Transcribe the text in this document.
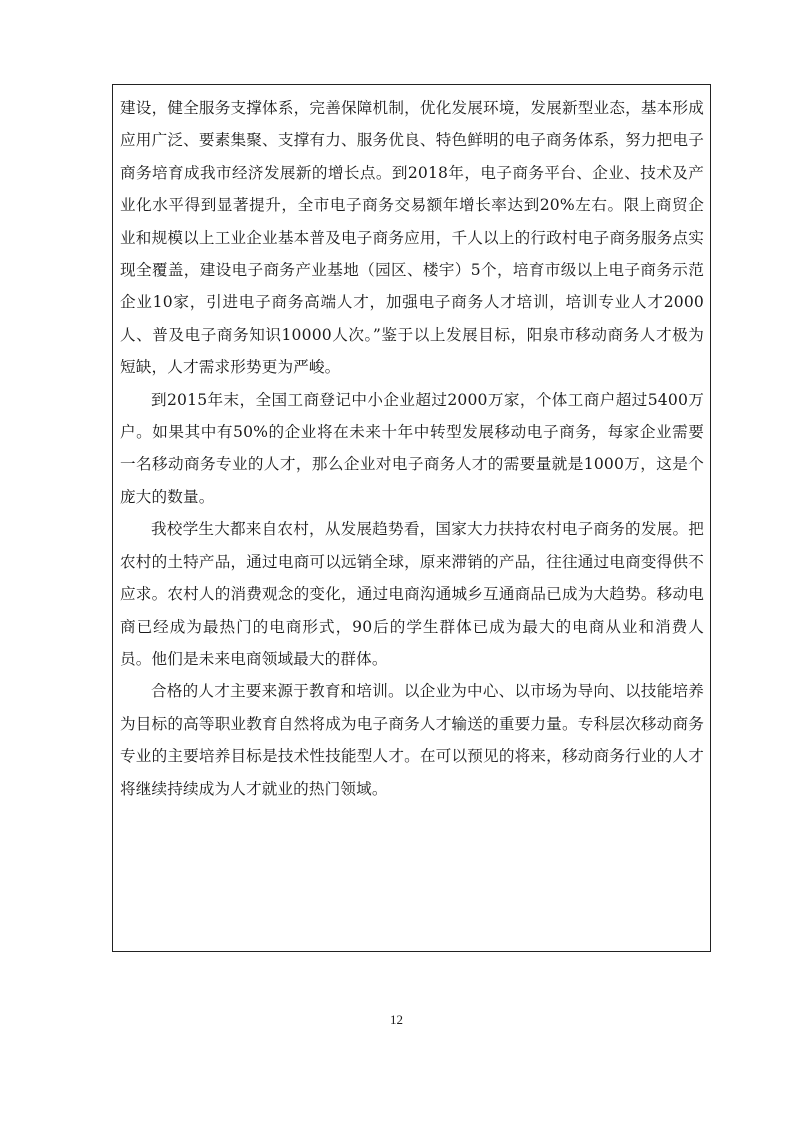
建设，健全服务支撑体系，完善保障机制，优化发展环境，发展新型业态，基本形成应用广泛、要素集聚、支撑有力、服务优良、特色鲜明的电子商务体系，努力把电子商务培育成我市经济发展新的增长点。到2018年，电子商务平台、企业、技术及产业化水平得到显著提升，全市电子商务交易额年增长率达到20%左右。限上商贸企业和规模以上工业企业基本普及电子商务应用，千人以上的行政村电子商务服务点实现全覆盖，建设电子商务产业基地（园区、楼宇）5个，培育市级以上电子商务示范企业10家，引进电子商务高端人才，加强电子商务人才培训，培训专业人才2000人、普及电子商务知识10000人次。”鉴于以上发展目标，阳泉市移动商务人才极为短缺，人才需求形势更为严峻。

到2015年末，全国工商登记中小企业超过2000万家，个体工商户超过5400万户。如果其中有50%的企业将在未来十年中转型发展移动电子商务，每家企业需要一名移动商务专业的人才，那么企业对电子商务人才的需要量就是1000万，这是个庞大的数量。

我校学生大都来自农村，从发展趋势看，国家大力扶持农村电子商务的发展。把农村的土特产品，通过电商可以远销全球，原来滞销的产品，往往通过电商变得供不应求。农村人的消费观念的变化，通过电商沟通城乡互通商品已成为大趋势。移动电商已经成为最热门的电商形式，90后的学生群体已成为最大的电商从业和消费人员。他们是未来电商领域最大的群体。

合格的人才主要来源于教育和培训。以企业为中心、以市场为导向、以技能培养为目标的高等职业教育自然将成为电子商务人才输送的重要力量。专科层次移动商务专业的主要培养目标是技术性技能型人才。在可以预见的将来，移动商务行业的人才将继续持续成为人才就业的热门领域。

12
